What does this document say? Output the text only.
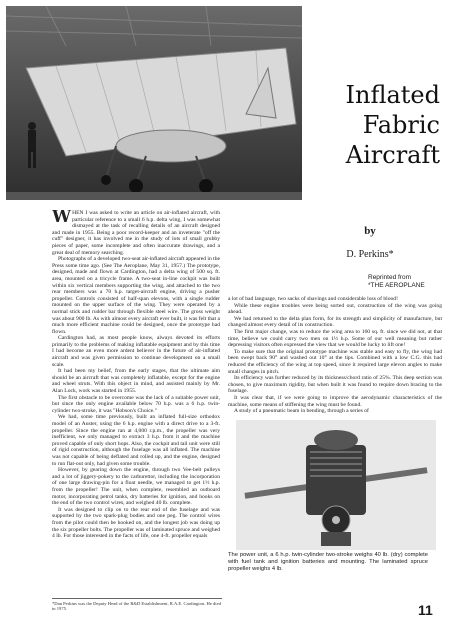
Inflated
Fabric
Aircraft
by
D. Perkins*
Reprinted from
*THE AEROPLANE

WHEN I was asked to write an article on air-inflated aircraft, with particular reference to a small 6 h.p. delta wing, I was somewhat dismayed at the task of recalling details of an aircraft designed and made in 1955. Being a poor record-keeper and an inveterate "off the cuff" designer, it has involved me in the study of lots of small grubby pieces of paper, some incomplete and often inaccurate drawings, and a great deal of memory searching.

Photographs of a developed two-seat air-inflated aircraft appeared in the Press some time ago. (See The Aeroplane, May 31, 1957.) The prototype, designed, made and flown at Cardington, had a delta wing of 500 sq. ft. area, mounted on a tricycle frame. A two-seat in-line cockpit was built within six vertical members supporting the wing, and attached to the two rear members was a 70 h.p. target-aircraft engine, driving a pusher propeller. Controls consisted of half-span elevons, with a single rudder mounted on the upper surface of the wing. They were operated by a normal stick and rudder bar through flexible steel wire. The gross weight was about 900 lb. As with almost every aircraft ever built, it was felt that a much more efficient machine could be designed, once the prototype had flown.

Cardington had, as most people know, always devoted its efforts primarily to the problems of making inflatable equipment and by this time I had become an even more ardent believer in the future of air-inflated aircraft and was given permission to continue development on a small scale.

It had been my belief, from the early stages, that the ultimate aim should be an aircraft that was completely inflatable, except for the engine and wheel struts. With this object in mind, and assisted mainly by Mr. Alan Lock, work was started in 1955.

The first obstacle to be overcome was the lack of a suitable power unit, but since the only engine available below 70 h.p. was a 6 h.p. twin-cylinder two-stroke, it was "Hobson's Choice."

We had, some time previously, built an inflated full-size orthodox model of an Auster, using the 6 h.p. engine with a direct drive to a 3-ft. propeller. Since the engine ran at 4,000 r.p.m., the propeller was very inefficient, we only managed to extract 3 h.p. from it and the machine proved capable of only short hops. Also, the cockpit and tail unit were still of rigid construction, although the fuselage was all inflated. The machine was not capable of being deflated and rolled up, and the engine, designed to run flat-out only, had given some trouble.

However, by gearing down the engine, through two Vee-belt pulleys and a lot of jiggery-pokery to the carburettor, including the incorporation of one large drawing-pin for a float needle, we managed to get 1½ h.p. from the propeller! The unit, when complete, resembled an outboard motor, incorporating petrol tanks, dry batteries for ignition, and hooks on the end of the two control wires, and weighed 40 lb. complete.

It was designed to clip on to the rear end of the fuselage and was supported by the two spark-plug bodies and one peg. The control wires from the pilot could then be hooked on, and the longest job was doing up the six propeller bolts. The propeller was of laminated spruce and weighed 4 lb. For those interested in the facts of life, one 4-ft. propeller equals

a lot of bad language, two sacks of shavings and considerable loss of blood!

While these engine troubles were being sorted out, construction of the wing was going ahead.

We had returned to the delta plan form, for its strength and simplicity of manufacture, but changed almost every detail of its construction.

The first major change, was to reduce the wing area to 160 sq. ft. since we did not, at that time, believe we could carry two men on 1½ h.p. Some of our well meaning but rather depressing visitors often expressed the view that we would be lucky to lift one!

To make sure that the original prototype machine was stable and easy to fly, the wing had been swept back 90° and washed out 10° at the tips. Combined with a low C.G. this had reduced the efficiency of the wing at top speed, since it required large elevon angles to make small changes in pitch.

Its efficiency was further reduced by its thickness/chord ratio of 25%. This deep section was chosen, to give maximum rigidity, but when built it was found to require down bracing to the fuselage.

It was clear that, if we were going to improve the aerodynamic characteristics of the machine, some means of stiffening the wing must be found.

A study of a pneumatic beam in bending, through a series of

The power unit, a 6 h.p. twin-cylinder two-stroke weighs 40 lb. (dry) complete with fuel tank and ignition batteries and mounting. The laminated spruce propeller weighs 4 lb.
*Dan Perkins was the Deputy Head of the R&D Establishment, R.A.E. Cardington. He died in 1975.	11
